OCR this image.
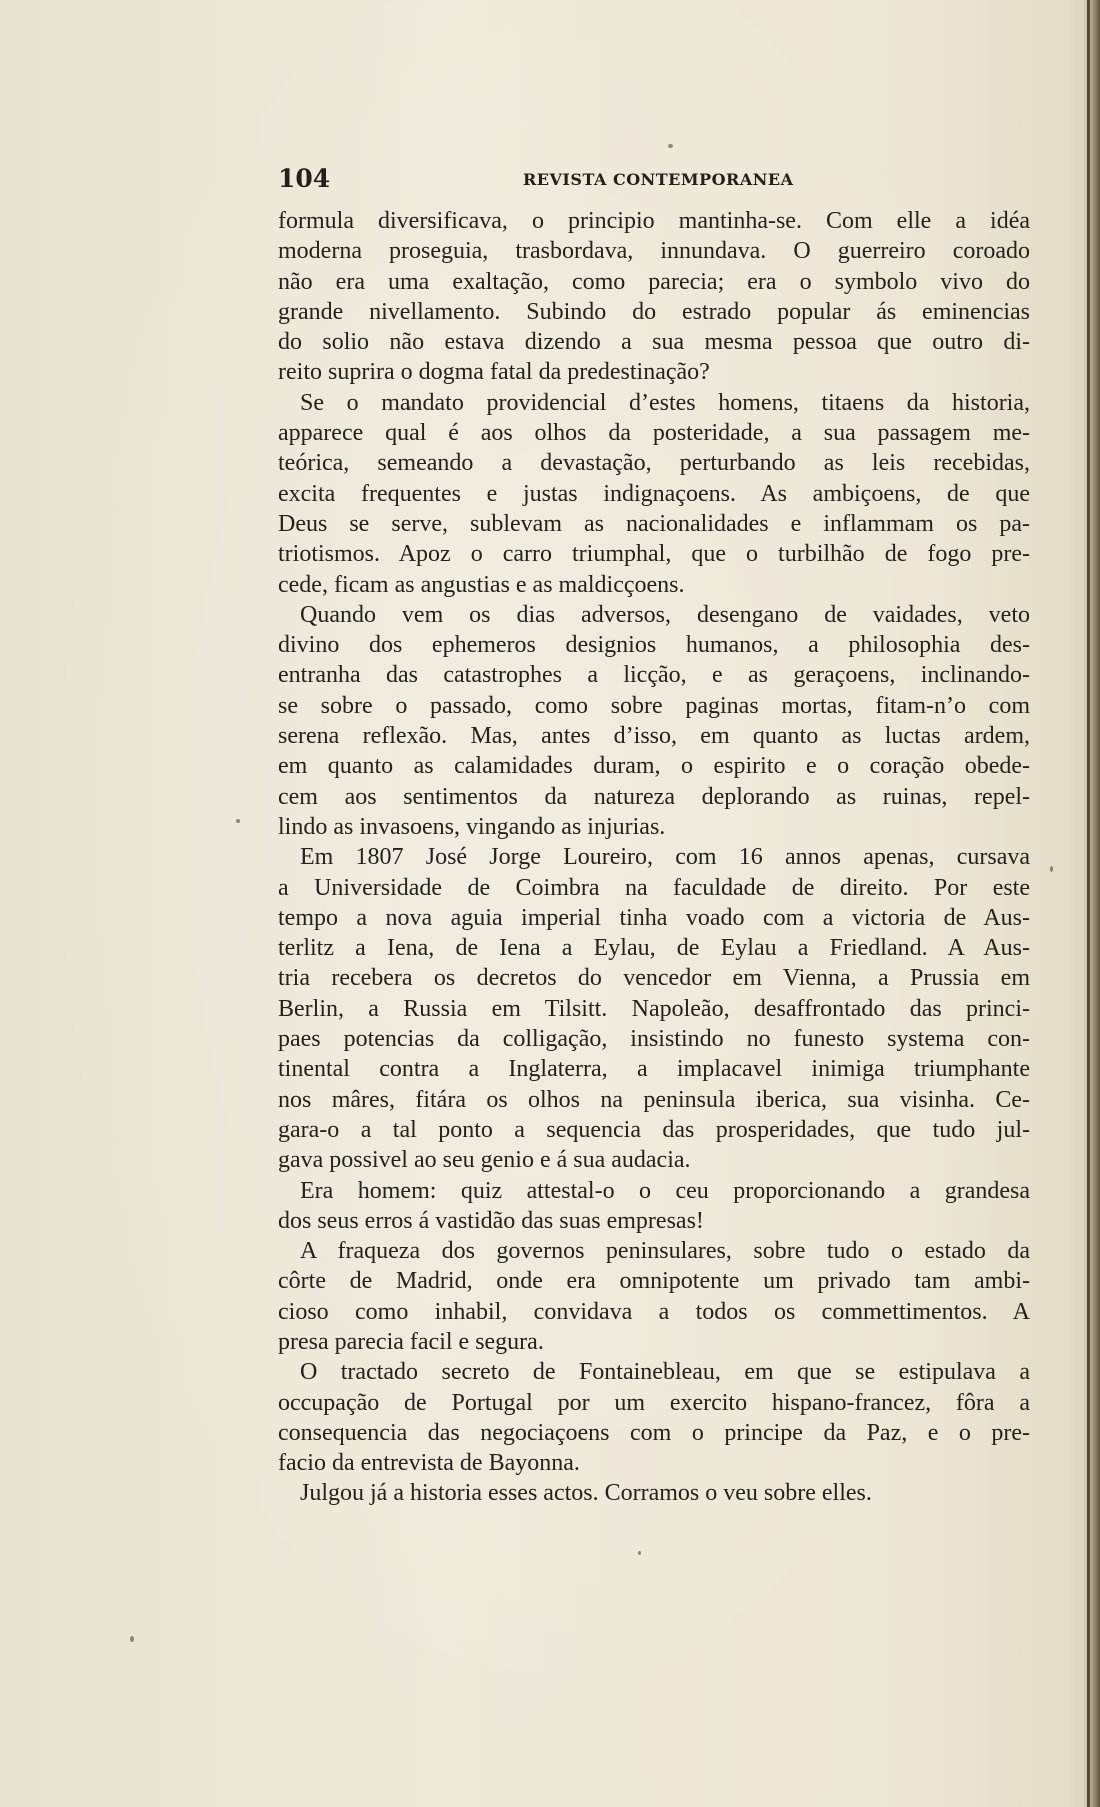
104	REVISTA CONTEMPORANEA
formula diversificava, o principio mantinha-se. Com elle a idéa
moderna proseguia, trasbordava, innundava. O guerreiro coroado
não era uma exaltação, como parecia; era o symbolo vivo do
grande nivellamento. Subindo do estrado popular ás eminencias
do solio não estava dizendo a sua mesma pessoa que outro di-
reito suprira o dogma fatal da predestinação?
Se o mandato providencial d’estes homens, titaens da historia,
apparece qual é aos olhos da posteridade, a sua passagem me-
teórica, semeando a devastação, perturbando as leis recebidas,
excita frequentes e justas indignaçoens. As ambiçoens, de que
Deus se serve, sublevam as nacionalidades e inflammam os pa-
triotismos. Apoz o carro triumphal, que o turbilhão de fogo pre-
cede, ficam as angustias e as maldicçoens.
Quando vem os dias adversos, desengano de vaidades, veto
divino dos ephemeros designios humanos, a philosophia des-
entranha das catastrophes a licção, e as geraçoens, inclinando-
se sobre o passado, como sobre paginas mortas, fitam-n’o com
serena reflexão. Mas, antes d’isso, em quanto as luctas ardem,
em quanto as calamidades duram, o espirito e o coração obede-
cem aos sentimentos da natureza deplorando as ruinas, repel-
lindo as invasoens, vingando as injurias.
Em 1807 José Jorge Loureiro, com 16 annos apenas, cursava
a Universidade de Coimbra na faculdade de direito. Por este
tempo a nova aguia imperial tinha voado com a victoria de Aus-
terlitz a Iena, de Iena a Eylau, de Eylau a Friedland. A Aus-
tria recebera os decretos do vencedor em Vienna, a Prussia em
Berlin, a Russia em Tilsitt. Napoleão, desaffrontado das princi-
paes potencias da colligação, insistindo no funesto systema con-
tinental contra a Inglaterra, a implacavel inimiga triumphante
nos mâres, fitára os olhos na peninsula iberica, sua visinha. Ce-
gara-o a tal ponto a sequencia das prosperidades, que tudo jul-
gava possivel ao seu genio e á sua audacia.
Era homem: quiz attestal-o o ceu proporcionando a grandesa
dos seus erros á vastidão das suas empresas!
A fraqueza dos governos peninsulares, sobre tudo o estado da
côrte de Madrid, onde era omnipotente um privado tam ambi-
cioso como inhabil, convidava a todos os commettimentos. A
presa parecia facil e segura.
O tractado secreto de Fontainebleau, em que se estipulava a
occupação de Portugal por um exercito hispano-francez, fôra a
consequencia das negociaçoens com o principe da Paz, e o pre-
facio da entrevista de Bayonna.
Julgou já a historia esses actos. Corramos o veu sobre elles.
